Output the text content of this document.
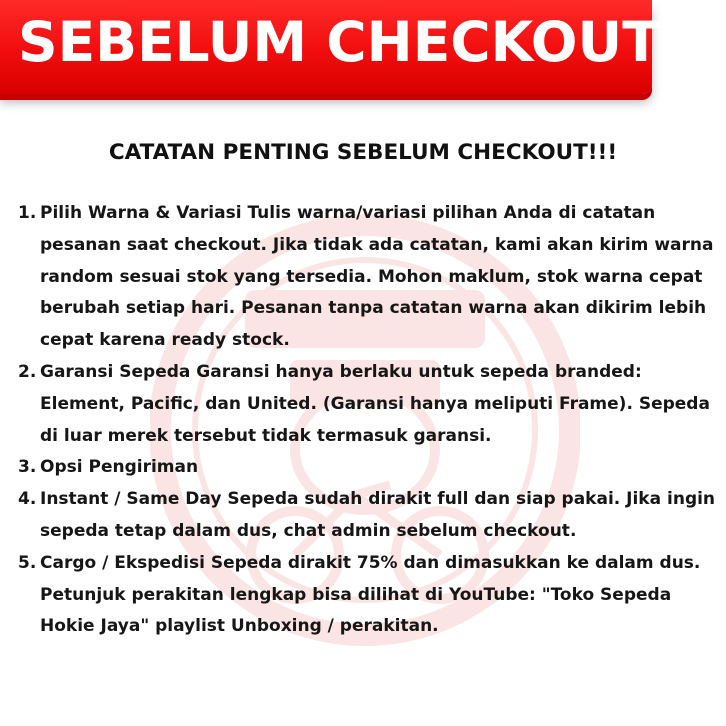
SEBELUM CHECKOUT
CATATAN PENTING SEBELUM CHECKOUT!!!
1. Pilih Warna & Variasi Tulis warna/variasi pilihan Anda di catatan pesanan saat checkout. Jika tidak ada catatan, kami akan kirim warna random sesuai stok yang tersedia. Mohon maklum, stok warna cepat berubah setiap hari. Pesanan tanpa catatan warna akan dikirim lebih cepat karena ready stock.
2. Garansi Sepeda Garansi hanya berlaku untuk sepeda branded: Element, Pacific, dan United. (Garansi hanya meliputi Frame). Sepeda di luar merek tersebut tidak termasuk garansi.
3. Opsi Pengiriman
4. Instant / Same Day Sepeda sudah dirakit full dan siap pakai. Jika ingin sepeda tetap dalam dus, chat admin sebelum checkout.
5. Cargo / Ekspedisi Sepeda dirakit 75% dan dimasukkan ke dalam dus. Petunjuk perakitan lengkap bisa dilihat di YouTube: "Toko Sepeda Hokie Jaya" playlist Unboxing / perakitan.
